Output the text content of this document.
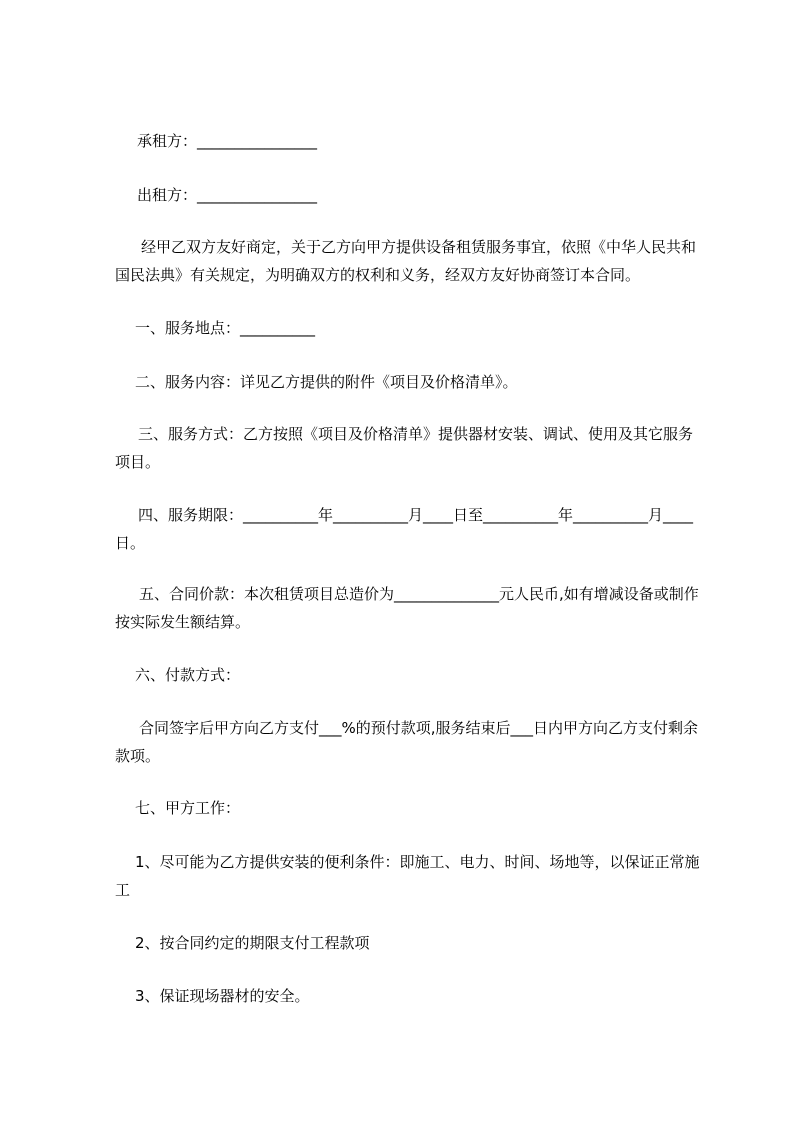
承租方：________________
出租方：________________
经甲乙双方友好商定，关于乙方向甲方提供设备租赁服务事宜，依照《中华人民共和国民法典》有关规定，为明确双方的权利和义务，经双方友好协商签订本合同。
一、服务地点：__________
二、服务内容：详见乙方提供的附件《项目及价格清单》。
三、服务方式：乙方按照《项目及价格清单》提供器材安装、调试、使用及其它服务项目。
四、服务期限：__________年__________月____日至__________年__________月____日。
五、合同价款：本次租赁项目总造价为______________元人民币,如有增减设备或制作按实际发生额结算。
六、付款方式：
合同签字后甲方向乙方支付___%的预付款项,服务结束后___日内甲方向乙方支付剩余款项。
七、甲方工作：
1、尽可能为乙方提供安装的便利条件：即施工、电力、时间、场地等，以保证正常施工
2、按合同约定的期限支付工程款项
3、保证现场器材的安全。
